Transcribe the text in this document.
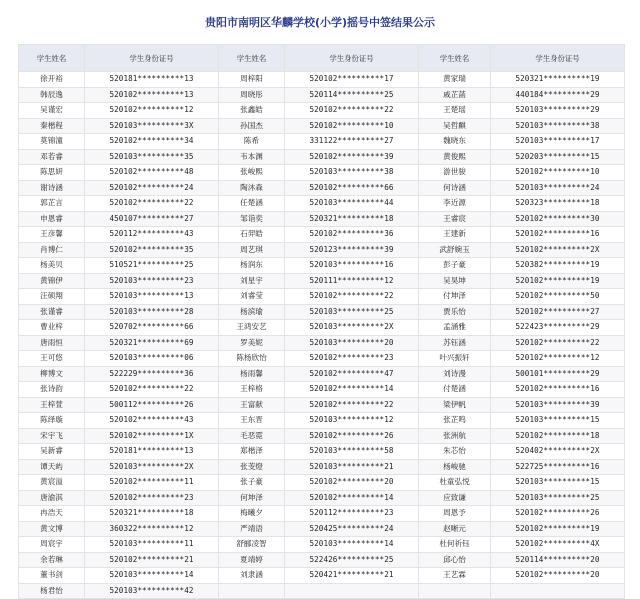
贵阳市南明区华麟学校(小学)摇号中签结果公示
学生姓名	学生身份证号	学生姓名	学生身份证号	学生姓名	学生身份证号
徐开裕	520181**********13	周梓阳	520102**********17	黄家瑞	520321**********19
韩辰逸	520102**********13	周晓彤	520114**********25	戚芷菡	440184**********29
吴谨宏	520102**********12	张鑫皓	520102**********22	王楚瑶	520103**********29
秦楷程	520103**********3X	孙国杰	520102**********10	吴哲麒	520103**********38
莫锦潼	520102**********34	陈希	331122**********27	魏晓东	520103**********17
邓若睿	520103**********35	韦本渊	520102**********39	黄俊熙	520203**********15
陈思妍	520102**********48	张峻熙	520103**********38	游世骏	520102**********10
谢诗涵	520102**********24	陶沐森	520102**********66	何诗涵	520103**********24
郭芷言	520102**********22	任楚涵	520103**********44	李近源	520323**********18
申恩睿	450107**********27	邹诣奕	520321**********18	王睿宸	520102**********30
王彦馨	520112**********43	石羿皓	520102**********36	王建新	520102**********16
肖博仁	520102**********35	周艺琪	520123**********39	武舒婉玉	520102**********2X
杨美贝	510521**********25	杨润东	520103**********16	彭子豪	520382**********19
黄锦伊	520103**********23	刘星宇	520111**********12	吴昊坤	520102**********19
汪硕翔	520103**********13	刘睿莹	520102**********22	付坤泽	520102**********50
张谨睿	520103**********28	杨滨瑜	520103**********25	贾乐怡	520102**********27
曹业梓	520702**********66	王鸿安艺	520103**********2X	孟涵雅	522423**********29
唐雨恒	520321**********69	罗美妮	520103**********20	苏钰涵	520102**********22
王可悠	520103**********06	陈杨欣怡	520102**********23	叶兴振轩	520102**********12
柳博文	522229**********36	杨雨馨	520102**********47	刘诗漫	500101**********29
张诗韵	520102**********22	王梓格	520102**********14	付楚涵	520102**********16
王梓萱	500112**********26	王富献	520102**********22	梁伊帆	520103**********39
陈绎璇	520102**********43	王东晋	520103**********12	张芷鸣	520103**********15
宋宇飞	520102**********1X	毛恶霓	520102**********26	张洲航	520102**********18
吴新睿	520181**********13	郑楷泽	520103**********58	朱芯怡	520402**********2X
谭天屿	520103**********2X	张芰燈	520103**********21	杨峻驰	522725**********16
黄宸溢	520102**********11	张子豪	520102**********20	杜童弘悦	520103**********15
唐渝淇	520102**********23	何坤泽	520102**********14	应致谦	520103**********25
冉浩天	520321**********18	梅曦夕	520112**********23	周恩予	520102**********26
黄文博	360322**********12	严靖语	520425**********24	赵晰元	520102**********19
周宸宇	520103**********11	舒郦凌智	520103**********14	杜何祈钰	520102**********4X
余若琳	520102**********21	夏靖婷	522426**********25	邱心怡	520114**********20
董书剑	520103**********14	刘隶涵	520421**********21	王艺霖	520102**********20
杨君怡	520103**********42				
